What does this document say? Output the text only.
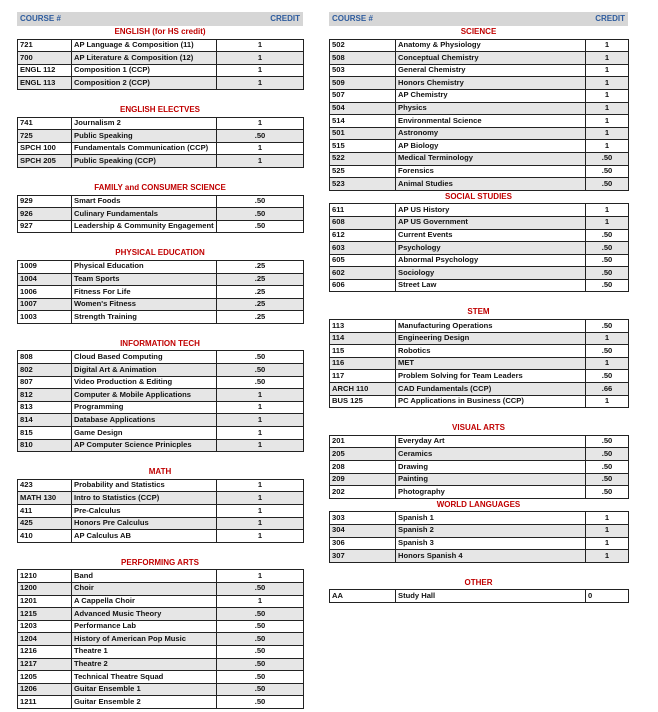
COURSE #	CREDIT
ENGLISH (for HS credit)
721	AP Language & Composition (11)	1
700	AP Literature & Composition (12)	1
ENGL 112	Composition 1 (CCP)	1
ENGL 113	Composition 2 (CCP)	1
ENGLISH ELECTVES
741	Journalism 2	1
725	Public Speaking	.50
SPCH 100	Fundamentals Communication (CCP)	1
SPCH 205	Public Speaking (CCP)	1
FAMILY and CONSUMER SCIENCE
929	Smart Foods	.50
926	Culinary Fundamentals	.50
927	Leadership & Community Engagement	.50
PHYSICAL EDUCATION
1009	Physical Education	.25
1004	Team Sports	.25
1006	Fitness For Life	.25
1007	Women's Fitness	.25
1003	Strength Training	.25
INFORMATION TECH
808	Cloud Based Computing	.50
802	Digital Art & Animation	.50
807	Video Production & Editing	.50
812	Computer & Mobile Applications	1
813	Programming	1
814	Database Applications	1
815	Game Design	1
810	AP Computer Science Prinicples	1
MATH
423	Probability and Statistics	1
MATH 130	Intro to Statistics (CCP)	1
411	Pre-Calculus	1
425	Honors Pre Calculus	1
410	AP Calculus AB	1
PERFORMING ARTS
1210	Band	1
1200	Choir	.50
1201	A Cappella Choir	1
1215	Advanced Music Theory	.50
1203	Performance Lab	.50
1204	History of American Pop Music	.50
1216	Theatre 1	.50
1217	Theatre 2	.50
1205	Technical Theatre Squad	.50
1206	Guitar Ensemble 1	.50
1211	Guitar Ensemble 2	.50
COURSE #	CREDIT
SCIENCE
502	Anatomy & Physiology	1
508	Conceptual Chemistry	1
503	General Chemistry	1
509	Honors Chemistry	1
507	AP Chemistry	1
504	Physics	1
514	Environmental Science	1
501	Astronomy	1
515	AP Biology	1
522	Medical Terminology	.50
525	Forensics	.50
523	Animal Studies	.50
SOCIAL STUDIES
611	AP US History	1
608	AP US Government	1
612	Current Events	.50
603	Psychology	.50
605	Abnormal Psychology	.50
602	Sociology	.50
606	Street Law	.50
STEM
113	Manufacturing Operations	.50
114	Engineering Design	1
115	Robotics	.50
116	MET	1
117	Problem Solving for Team Leaders	.50
ARCH 110	CAD Fundamentals (CCP)	.66
BUS 125	PC Applications in Business (CCP)	1
VISUAL ARTS
201	Everyday Art	.50
205	Ceramics	.50
208	Drawing	.50
209	Painting	.50
202	Photography	.50
WORLD LANGUAGES
303	Spanish 1	1
304	Spanish 2	1
306	Spanish 3	1
307	Honors Spanish 4	1
OTHER
AA	Study Hall	0
